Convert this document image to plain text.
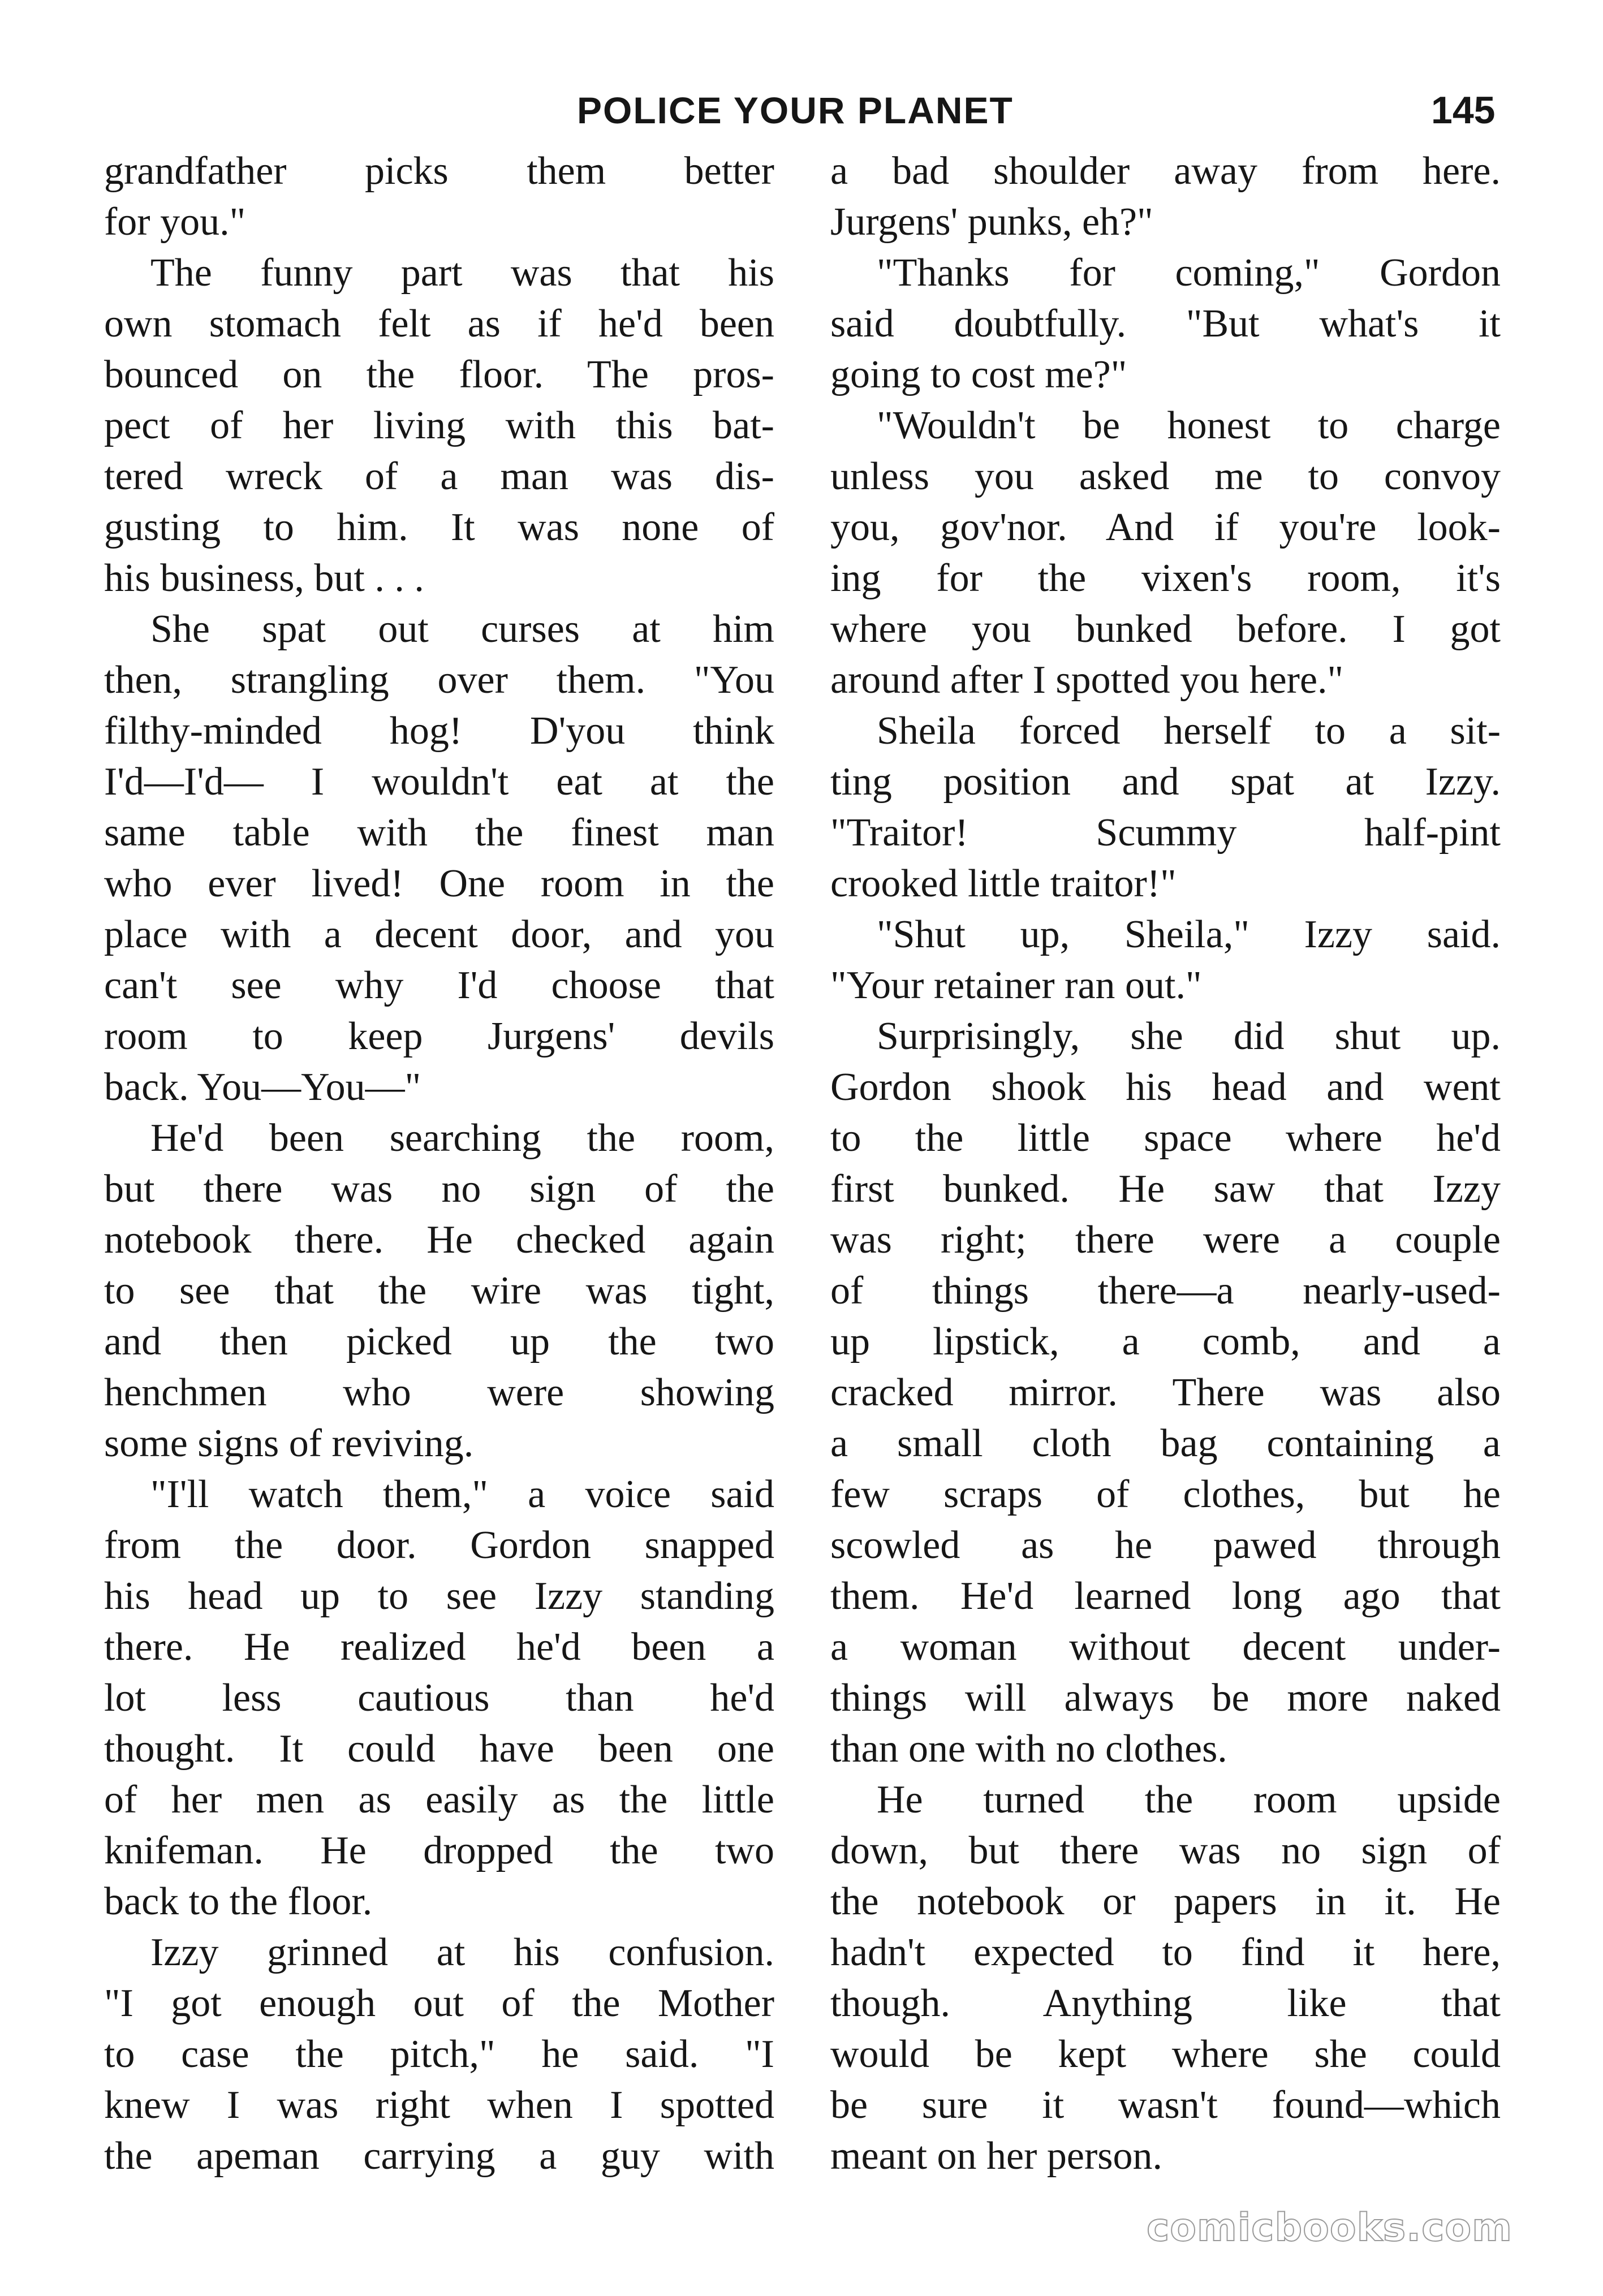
POLICE YOUR PLANET	145
grandfather picks them better
for you."
The funny part was that his
own stomach felt as if he'd been
bounced on the floor. The pros-
pect of her living with this bat-
tered wreck of a man was dis-
gusting to him. It was none of
his business, but . . .
She spat out curses at him
then, strangling over them. "You
filthy-minded hog! D'you think
I'd—I'd— I wouldn't eat at the
same table with the finest man
who ever lived! One room in the
place with a decent door, and you
can't see why I'd choose that
room to keep Jurgens' devils
back. You—You—"
He'd been searching the room,
but there was no sign of the
notebook there. He checked again
to see that the wire was tight,
and then picked up the two
henchmen who were showing
some signs of reviving.
"I'll watch them," a voice said
from the door. Gordon snapped
his head up to see Izzy standing
there. He realized he'd been a
lot less cautious than he'd
thought. It could have been one
of her men as easily as the little
knifeman. He dropped the two
back to the floor.
Izzy grinned at his confusion.
"I got enough out of the Mother
to case the pitch," he said. "I
knew I was right when I spotted
the apeman carrying a guy with
a bad shoulder away from here.
Jurgens' punks, eh?"
"Thanks for coming," Gordon
said doubtfully. "But what's it
going to cost me?"
"Wouldn't be honest to charge
unless you asked me to convoy
you, gov'nor. And if you're look-
ing for the vixen's room, it's
where you bunked before. I got
around after I spotted you here."
Sheila forced herself to a sit-
ting position and spat at Izzy.
"Traitor! Scummy half-pint
crooked little traitor!"
"Shut up, Sheila," Izzy said.
"Your retainer ran out."
Surprisingly, she did shut up.
Gordon shook his head and went
to the little space where he'd
first bunked. He saw that Izzy
was right; there were a couple
of things there—a nearly-used-
up lipstick, a comb, and a
cracked mirror. There was also
a small cloth bag containing a
few scraps of clothes, but he
scowled as he pawed through
them. He'd learned long ago that
a woman without decent under-
things will always be more naked
than one with no clothes.
He turned the room upside
down, but there was no sign of
the notebook or papers in it. He
hadn't expected to find it here,
though. Anything like that
would be kept where she could
be sure it wasn't found—which
meant on her person.
comicbooks.com
